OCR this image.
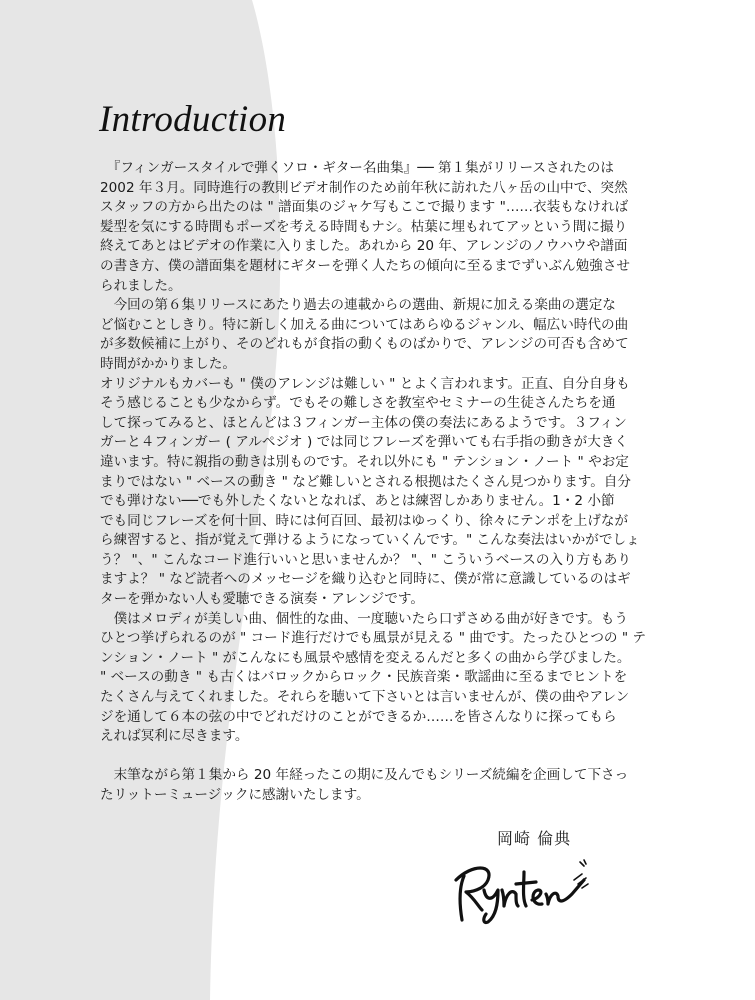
Introduction
　『フィンガースタイルで弾くソロ・ギター名曲集』── 第１集がリリースされたのは
2002 年３月。同時進行の教則ビデオ制作のため前年秋に訪れた八ヶ岳の山中で、突然
スタッフの方から出たのは " 譜面集のジャケ写もここで撮ります "……衣装もなければ
髪型を気にする時間もポーズを考える時間もナシ。枯葉に埋もれてアッという間に撮り
終えてあとはビデオの作業に入りました。あれから 20 年、アレンジのノウハウや譜面
の書き方、僕の譜面集を題材にギターを弾く人たちの傾向に至るまでずいぶん勉強させ
られました。
　今回の第６集リリースにあたり過去の連載からの選曲、新規に加える楽曲の選定な
ど悩むことしきり。特に新しく加える曲についてはあらゆるジャンル、幅広い時代の曲
が多数候補に上がり、そのどれもが食指の動くものばかりで、アレンジの可否も含めて
時間がかかりました。
オリジナルもカバーも " 僕のアレンジは難しい " とよく言われます。正直、自分自身も
そう感じることも少なからず。でもその難しさを教室やセミナーの生徒さんたちを通
して探ってみると、ほとんどは３フィンガー主体の僕の奏法にあるようです。３フィン
ガーと４フィンガー ( アルペジオ ) では同じフレーズを弾いても右手指の動きが大きく
違います。特に親指の動きは別ものです。それ以外にも " テンション・ノート " やお定
まりではない " ベースの動き " など難しいとされる根拠はたくさん見つかります。自分
でも弾けない──でも外したくないとなれば、あとは練習しかありません。1・2 小節
でも同じフレーズを何十回、時には何百回、最初はゆっくり、徐々にテンポを上げなが
ら練習すると、指が覚えて弾けるようになっていくんです。" こんな奏法はいかがでしょ
う？ "、" こんなコード進行いいと思いませんか？ "、" こういうベースの入り方もあり
ますよ？ " など読者へのメッセージを織り込むと同時に、僕が常に意識しているのはギ
ターを弾かない人も愛聴できる演奏・アレンジです。
　僕はメロディが美しい曲、個性的な曲、一度聴いたら口ずさめる曲が好きです。もう
ひとつ挙げられるのが " コード進行だけでも風景が見える " 曲です。たったひとつの " テ
ンション・ノート " がこんなにも風景や感情を変えるんだと多くの曲から学びました。
" ベースの動き " も古くはバロックからロック・民族音楽・歌謡曲に至るまでヒントを
たくさん与えてくれました。それらを聴いて下さいとは言いませんが、僕の曲やアレン
ジを通して６本の弦の中でどれだけのことができるか……を皆さんなりに探ってもら
えれば冥利に尽きます。
　末筆ながら第１集から 20 年経ったこの期に及んでもシリーズ続編を企画して下さっ
たリットーミュージックに感謝いたします。
岡崎 倫典
